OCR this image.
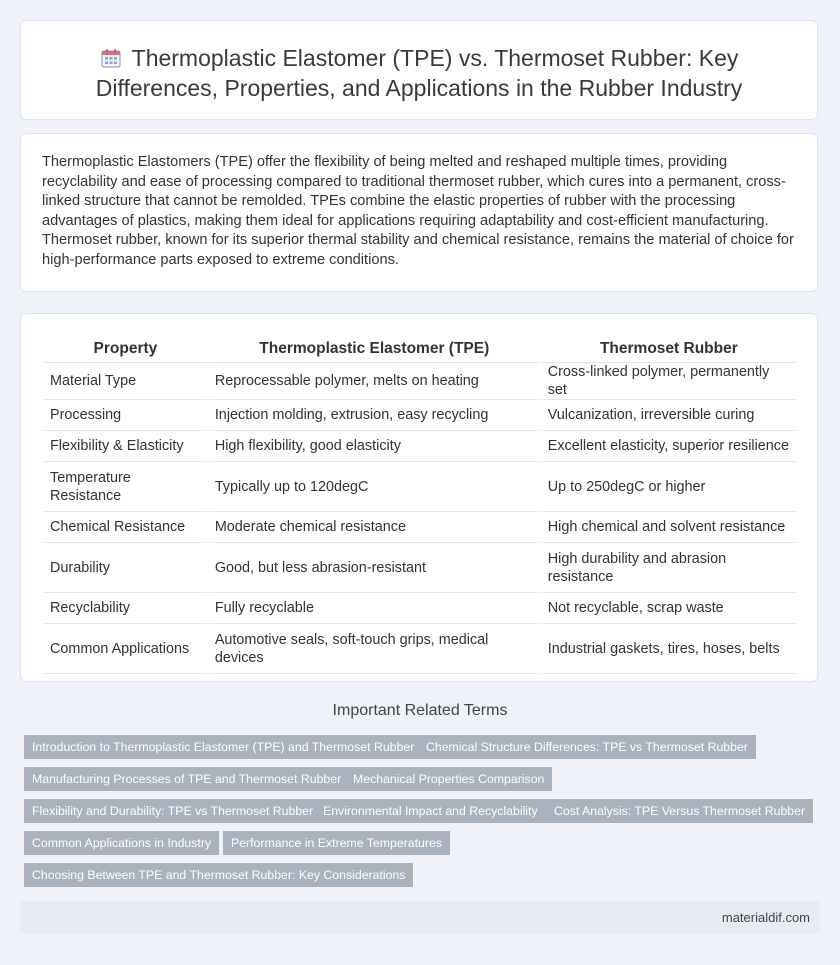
Thermoplastic Elastomer (TPE) vs. Thermoset Rubber: Key Differences, Properties, and Applications in the Rubber Industry
Thermoplastic Elastomers (TPE) offer the flexibility of being melted and reshaped multiple times, providing recyclability and ease of processing compared to traditional thermoset rubber, which cures into a permanent, cross-linked structure that cannot be remolded. TPEs combine the elastic properties of rubber with the processing advantages of plastics, making them ideal for applications requiring adaptability and cost-efficient manufacturing. Thermoset rubber, known for its superior thermal stability and chemical resistance, remains the material of choice for high-performance parts exposed to extreme conditions.
Property	Thermoplastic Elastomer (TPE)	Thermoset Rubber
Material Type	Reprocessable polymer, melts on heating	Cross-linked polymer, permanently set
Processing	Injection molding, extrusion, easy recycling	Vulcanization, irreversible curing
Flexibility & Elasticity	High flexibility, good elasticity	Excellent elasticity, superior resilience
Temperature Resistance	Typically up to 120degC	Up to 250degC or higher
Chemical Resistance	Moderate chemical resistance	High chemical and solvent resistance
Durability	Good, but less abrasion-resistant	High durability and abrasion resistance
Recyclability	Fully recyclable	Not recyclable, scrap waste
Common Applications	Automotive seals, soft-touch grips, medical devices	Industrial gaskets, tires, hoses, belts
Important Related Terms
Introduction to Thermoplastic Elastomer (TPE) and Thermoset Rubber Chemical Structure Differences: TPE vs Thermoset Rubber
Manufacturing Processes of TPE and Thermoset Rubber Mechanical Properties Comparison
Flexibility and Durability: TPE vs Thermoset Rubber Environmental Impact and Recyclability	Cost Analysis: TPE Versus Thermoset Rubber
Common Applications in Industry	Performance in Extreme Temperatures
Choosing Between TPE and Thermoset Rubber: Key Considerations
materialdif.com
